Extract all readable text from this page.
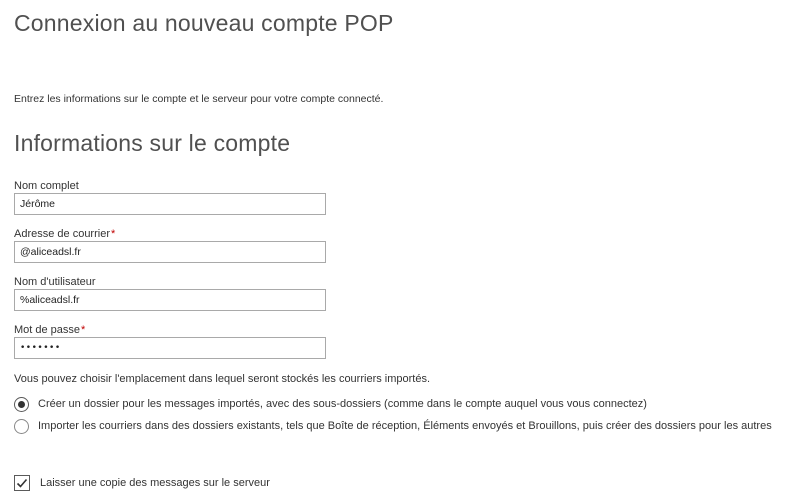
Connexion au nouveau compte POP

Entrez les informations sur le compte et le serveur pour votre compte connecté.

Informations sur le compte
Nom complet
Jérôme
Adresse de courrier*
@aliceadsl.fr
Nom d'utilisateur
%aliceadsl.fr
Mot de passe*
•••••••

Vous pouvez choisir l'emplacement dans lequel seront stockés les courriers importés.

Créer un dossier pour les messages importés, avec des sous-dossiers (comme dans le compte auquel vous vous connectez)
Importer les courriers dans des dossiers existants, tels que Boîte de réception, Éléments envoyés et Brouillons, puis créer des dossiers pour les autres
Laisser une copie des messages sur le serveur
